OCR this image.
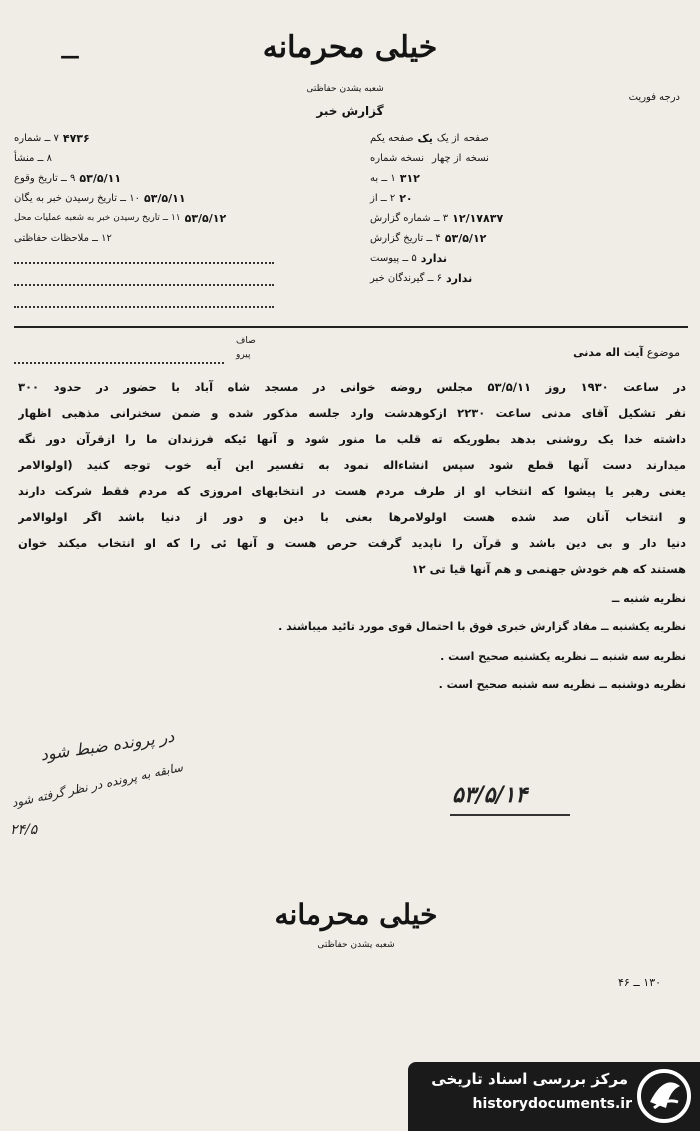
خیلی محرمانه
—
شعبه یشدن حفاظتی
گزارش خبر
درجه فوریت
۷ ــ شماره ۴۷۳۶
۸ ــ منشأ
۹ ــ تاریخ وقوع ۵۳/۵/۱۱
۱۰ ــ تاریخ رسیدن خبر به یگان ۵۳/۵/۱۱
۱۱ ــ تاریخ رسیدن خبر به شعبه عملیات محل ۵۳/۵/۱۲
۱۲ ــ ملاحظات حفاظتی
صفحه یکم یک از یک صفحه
نسخه شماره از چهار نسخه
۱ ــ به ۳۱۲
۲ ــ از ۲۰
۳ ــ شماره گزارش ۱۲/۱۷۸۳۷
۴ ــ تاریخ گزارش ۵۳/۵/۱۲
۵ ــ پیوست ندارد
۶ ــ گیرندگان خبر ندارد
موضوع آیت اله مدنی
صاف
پیرو
در ساعت ۱۹۳۰ روز ۵۳/۵/۱۱ مجلس روضه خوانی در مسجد شاه آباد با حضور در حدود ۳۰۰
نفر تشکیل آقای مدنی ساعت ۲۲۳۰ ازکوهدشت وارد جلسه مذکور شده و ضمن سخنرانی مذهبی اظهار
داشته خدا یک روشنی بدهد بطوریکه ته قلب ما منور شود و آنها ئیکه فرزندان ما را ازقرآن دور نگه
میدارند دست آنها قطع شود سپس انشاءاله نمود به تفسیر این آیه خوب توجه کنید (اولوالامر
یعنی رهبر یا پیشوا که انتخاب او از طرف مردم هست در انتخابهای امروزی که مردم فقط شرکت دارند
و انتخاب آنان صد شده هست اولولامرها بعنی با دین و دور از دنیا باشد اگر اولوالامر
دنیا دار و بی دین باشد و قرآن را ناپدید گرفت حرص هست و آنها ئی را که او انتخاب میکند خوان
هستند که هم خودش جهنمی و هم آنها قیا تی ۱۲
نظریه شنبه ــ
نظریه یکشنبه ــ مفاد گزارش خبری فوق با احتمال قوی مورد تائید میباشند .
نظریه سه شنبه ــ نظریه یکشنبه صحیح است .
نظریه دوشنبه ــ نظریه سه شنبه صحیح است .
در پرونده ضبط شود
سابقه به پرونده در نظر گرفته شود
۲۴/۵
۵۳/۵/۱۴
خیلی محرمانه
شعبه یشدن حفاظتی
۱۳۰ ــ ۴۶
مرکز بررسی اسناد تاریخی
historydocuments.ir
